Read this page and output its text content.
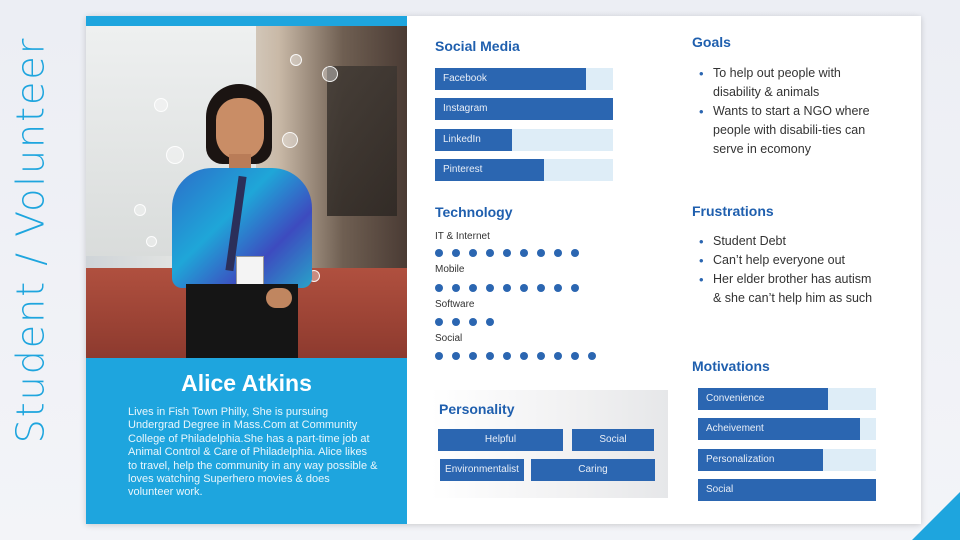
Student / Volunteer	Alice Atkins
Lives in Fish Town Philly, She is pursuing Undergrad Degree in Mass.Com at Community College of Philadelphia.She has a part-time job at Animal Control & Care of Philadelphia. Alice likes to travel, help the community in any way possible & loves watching Superhero movies & does volunteer work.
Social Media
Facebook
Instagram
LinkedIn
Pinterest
Technology
IT & Internet
Mobile
Software
Social
Personality
Helpful	Social
Environmentalist	Caring
Goals
• To help out people with disability & animals
• Wants to start a NGO where people with disabili-ties can serve in ecomony
Frustrations
• Student Debt
• Can’t help everyone out
• Her elder brother has autism & she can’t help him as such
Motivations
Convenience
Acheivement
Personalization
Social
